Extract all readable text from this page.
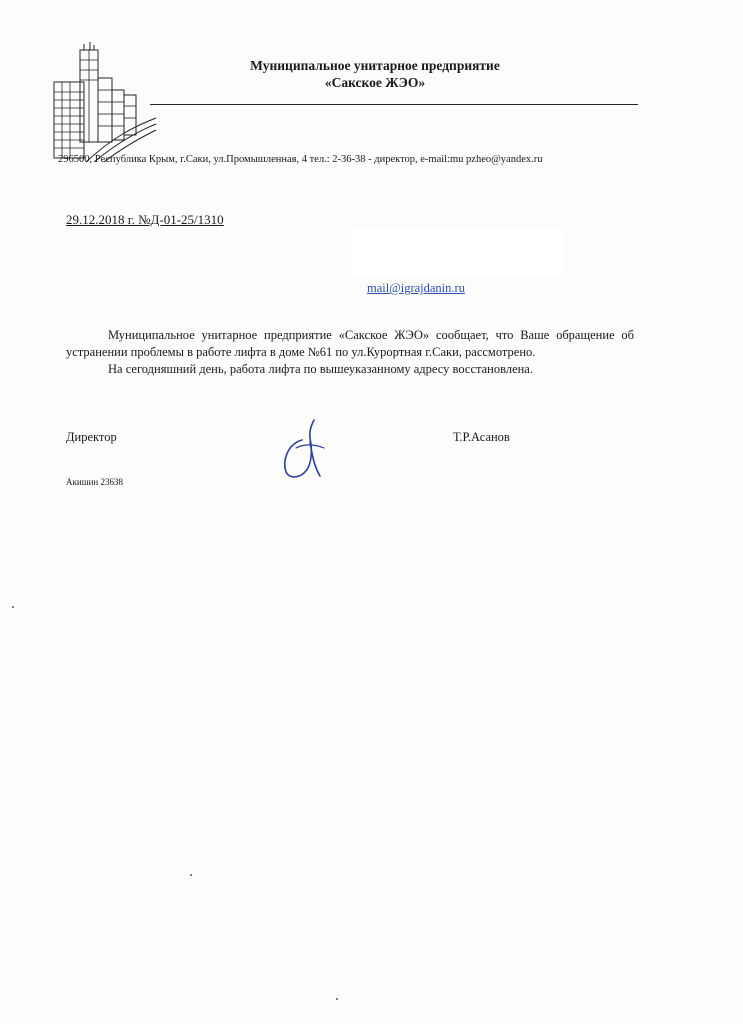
Муниципальное унитарное предприятие
«Сакское ЖЭО»
296500, Республика Крым, г.Саки, ул.Промышленная, 4 тел.: 2-36-38 - директор, e-mail:mu pzheo@yandex.ru
29.12.2018 г. №Д-01-25/1310
mail@igrajdanin.ru

Муниципальное унитарное предприятие «Сакское ЖЭО» сообщает, что Ваше обращение об устранении проблемы в работе лифта в доме №61 по ул.Курортная г.Саки, рассмотрено.

На сегодняшний день, работа лифта по вышеуказанному адресу восстановлена.

Директор	Т.Р.Асанов
Акишин 23638
